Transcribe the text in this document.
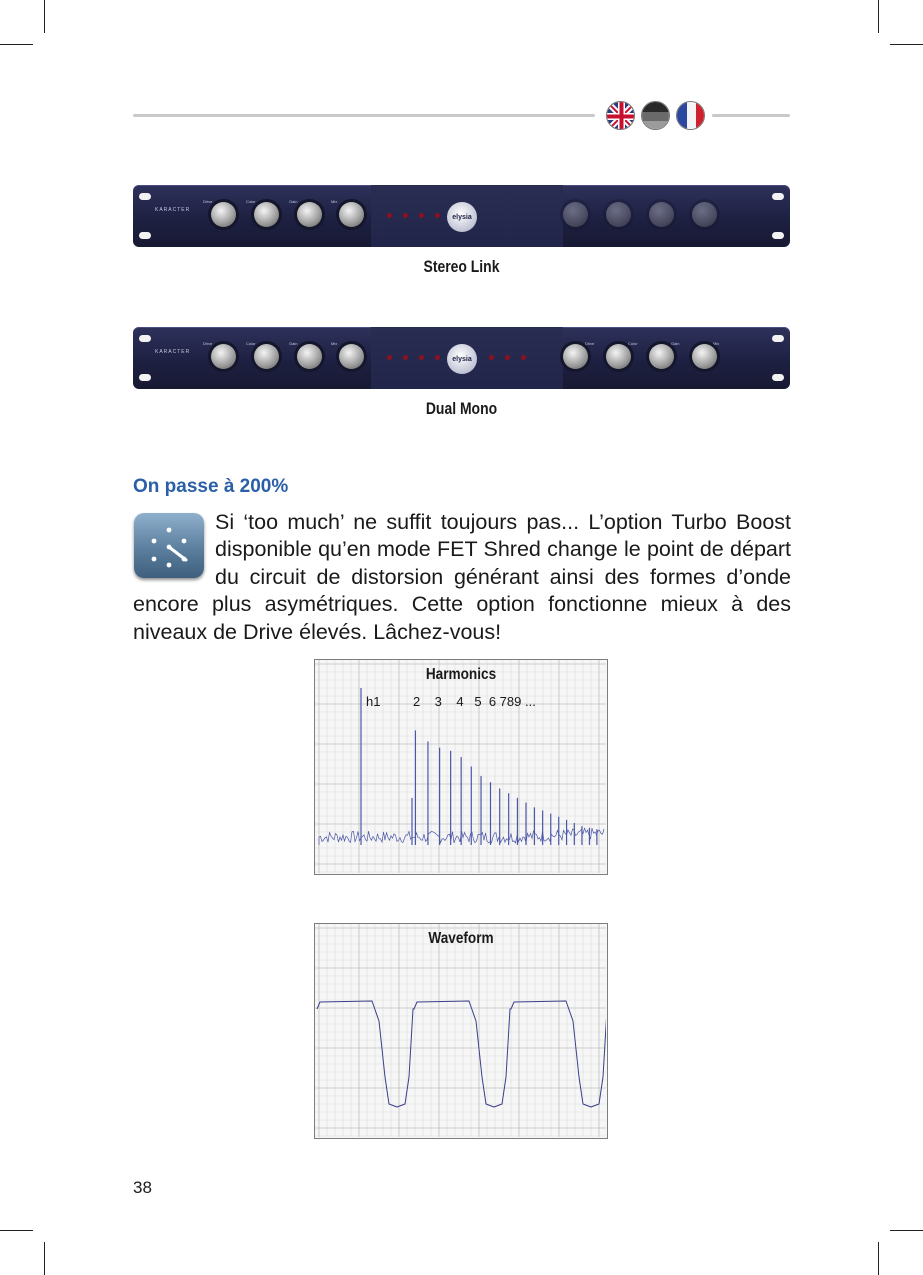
KARACTER
Drive	Color	Gain	Mix
elysia
Stereo Link
KARACTER
Drive	Color	Gain	Mix
elysia
Drive	Color	Gain	Mix
Dual Mono
On passe à 200%
Si ‘too much’ ne suffit toujours pas... L’option Turbo Boost disponible qu’en mode FET Shred change le point de départ du circuit de distorsion générant ainsi des formes d’onde encore plus asymétriques. Cette option fonctionne mieux à des niveaux de Drive élevés. Lâchez-vous!
Harmonics
h1         2    3    4   5  6 789 ...
Waveform
38
